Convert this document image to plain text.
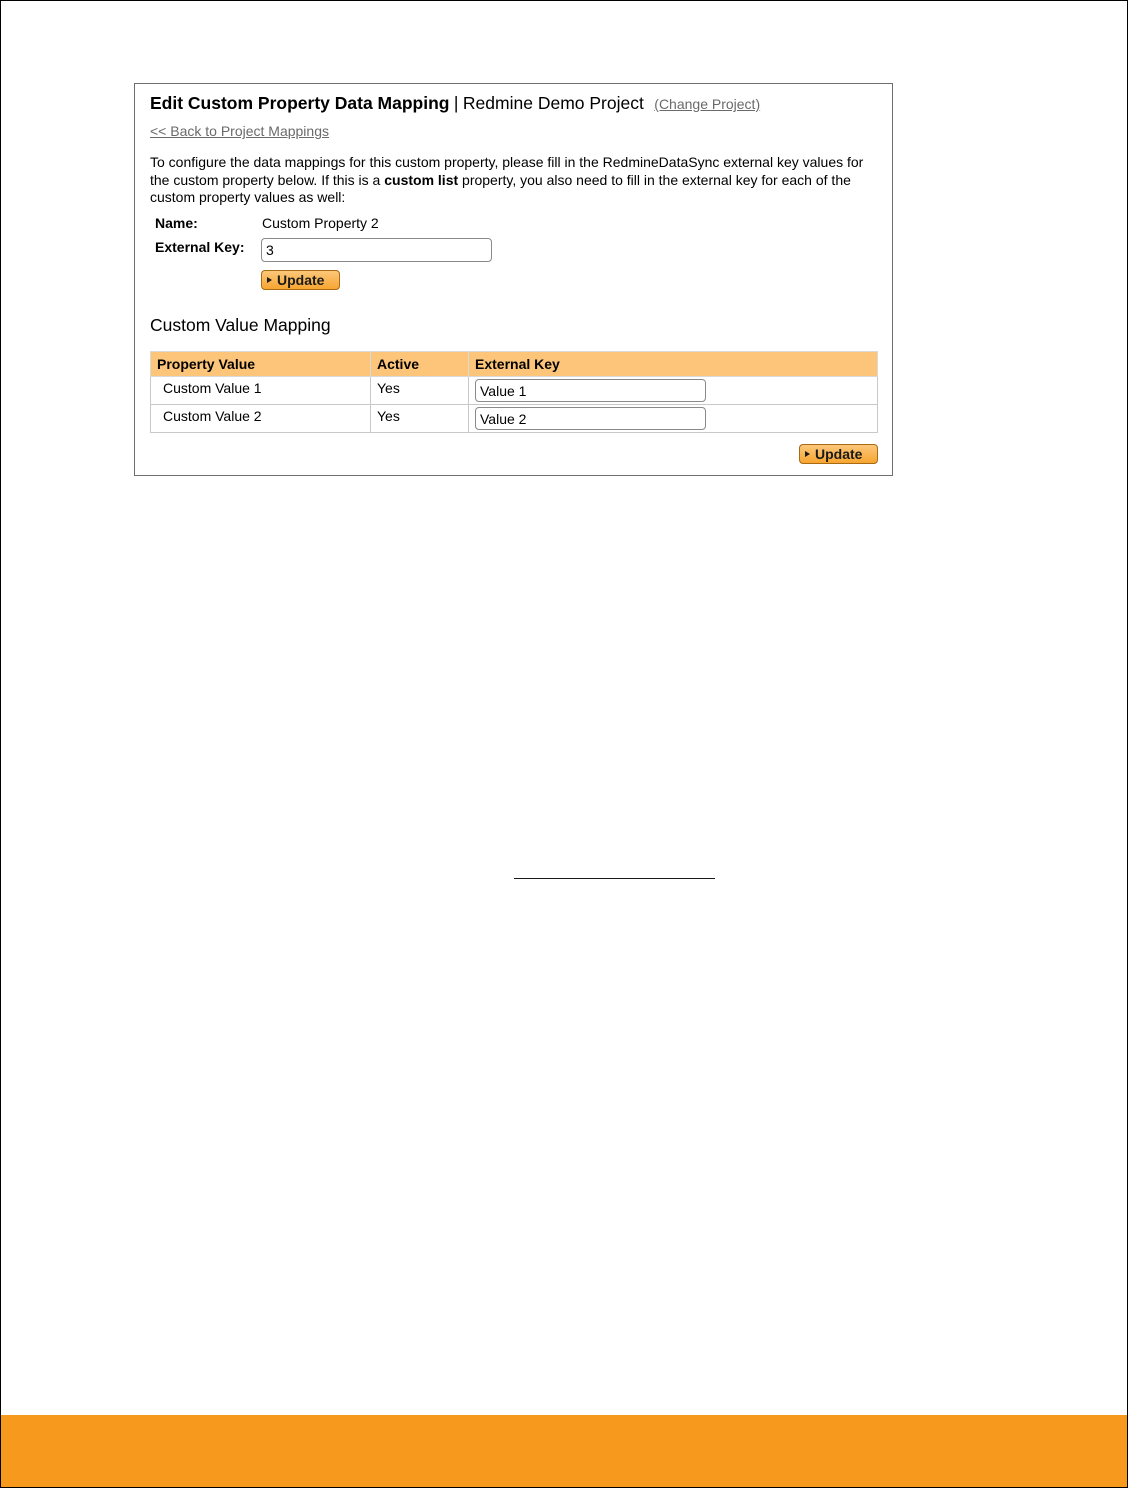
Edit Custom Property Data Mapping | Redmine Demo Project (Change Project)
<< Back to Project Mappings

To configure the data mappings for this custom property, please fill in the RedmineDataSync external key values for the custom property below. If this is a custom list property, you also need to fill in the external key for each of the custom property values as well:

Name:	Custom Property 2
External Key:
3
Update
Custom Value Mapping
Property Value	Active	External Key
Custom Value 1	Yes	Value 1
Custom Value 2	Yes	Value 2
Update
